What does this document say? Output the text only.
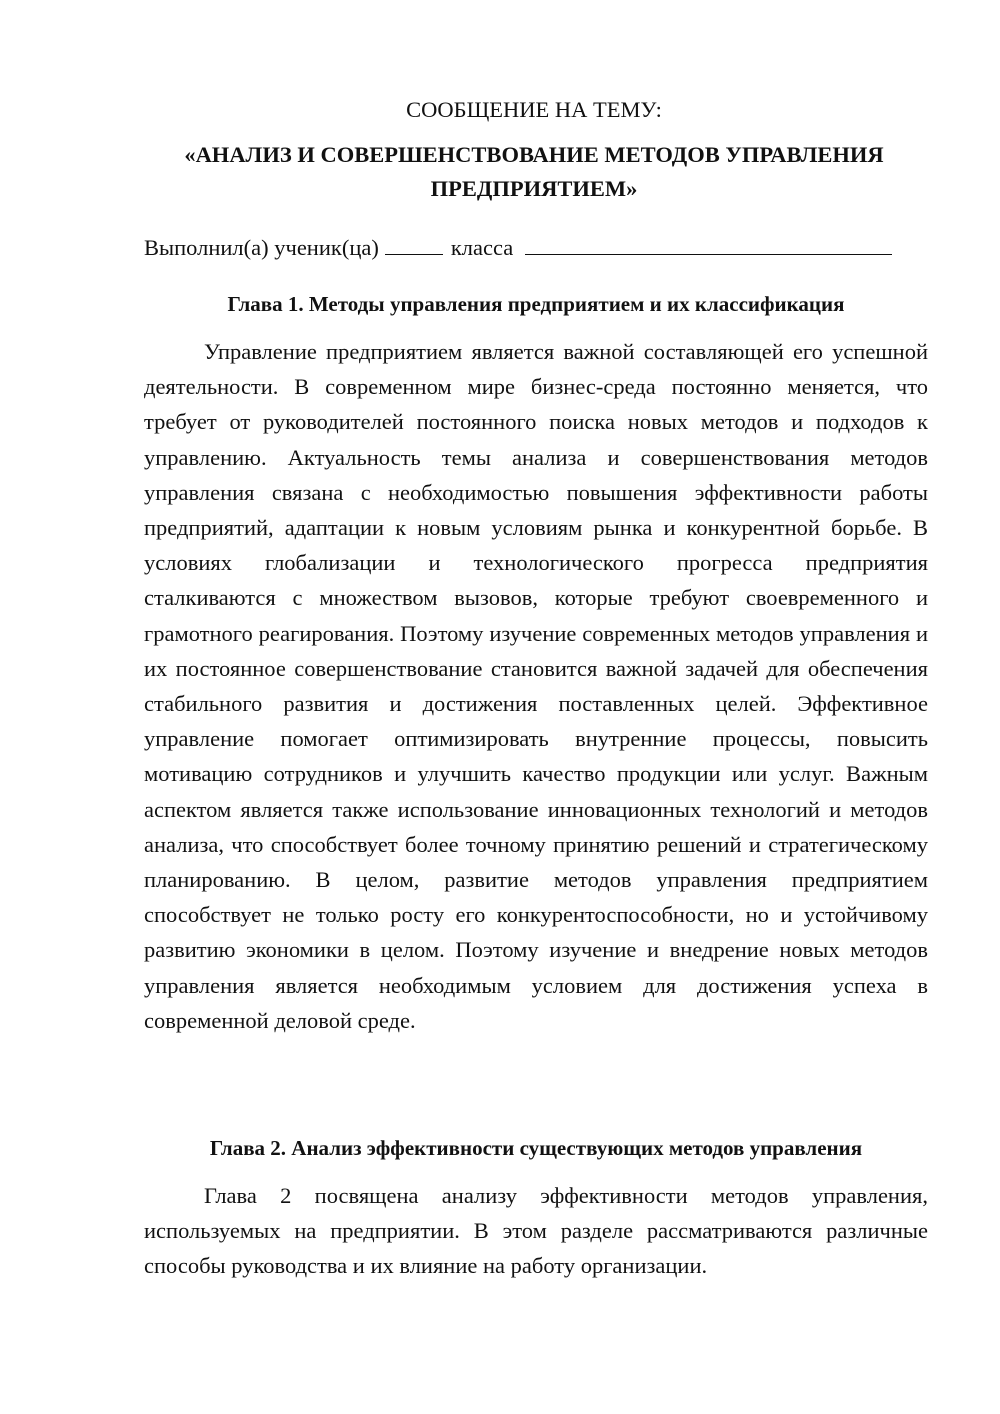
СООБЩЕНИЕ НА ТЕМУ:
«АНАЛИЗ И СОВЕРШЕНСТВОВАНИЕ МЕТОДОВ УПРАВЛЕНИЯ
ПРЕДПРИЯТИЕМ»
Выполнил(а) ученик(ца)	класса
Глава 1. Методы управления предприятием и их классификация

Управление предприятием является важной составляющей его успешной деятельности. В современном мире бизнес-среда постоянно меняется, что требует от руководителей постоянного поиска новых методов и подходов к управлению. Актуальность темы анализа и совершенствования методов управления связана с необходимостью повышения эффективности работы предприятий, адаптации к новым условиям рынка и конкурентной борьбе. В условиях глобализации и технологического прогресса предприятия сталкиваются с множеством вызовов, которые требуют своевременного и грамотного реагирования. Поэтому изучение современных методов управления и их постоянное совершенствование становится важной задачей для обеспечения стабильного развития и достижения поставленных целей. Эффективное управление помогает оптимизировать внутренние процессы, повысить мотивацию сотрудников и улучшить качество продукции или услуг. Важным аспектом является также использование инновационных технологий и методов анализа, что способствует более точному принятию решений и стратегическому планированию. В целом, развитие методов управления предприятием способствует не только росту его конкурентоспособности, но и устойчивому развитию экономики в целом. Поэтому изучение и внедрение новых методов управления является необходимым условием для достижения успеха в современной деловой среде.

Глава 2. Анализ эффективности существующих методов управления

Глава 2 посвящена анализу эффективности методов управления, используемых на предприятии. В этом разделе рассматриваются различные способы руководства и их влияние на работу организации.
